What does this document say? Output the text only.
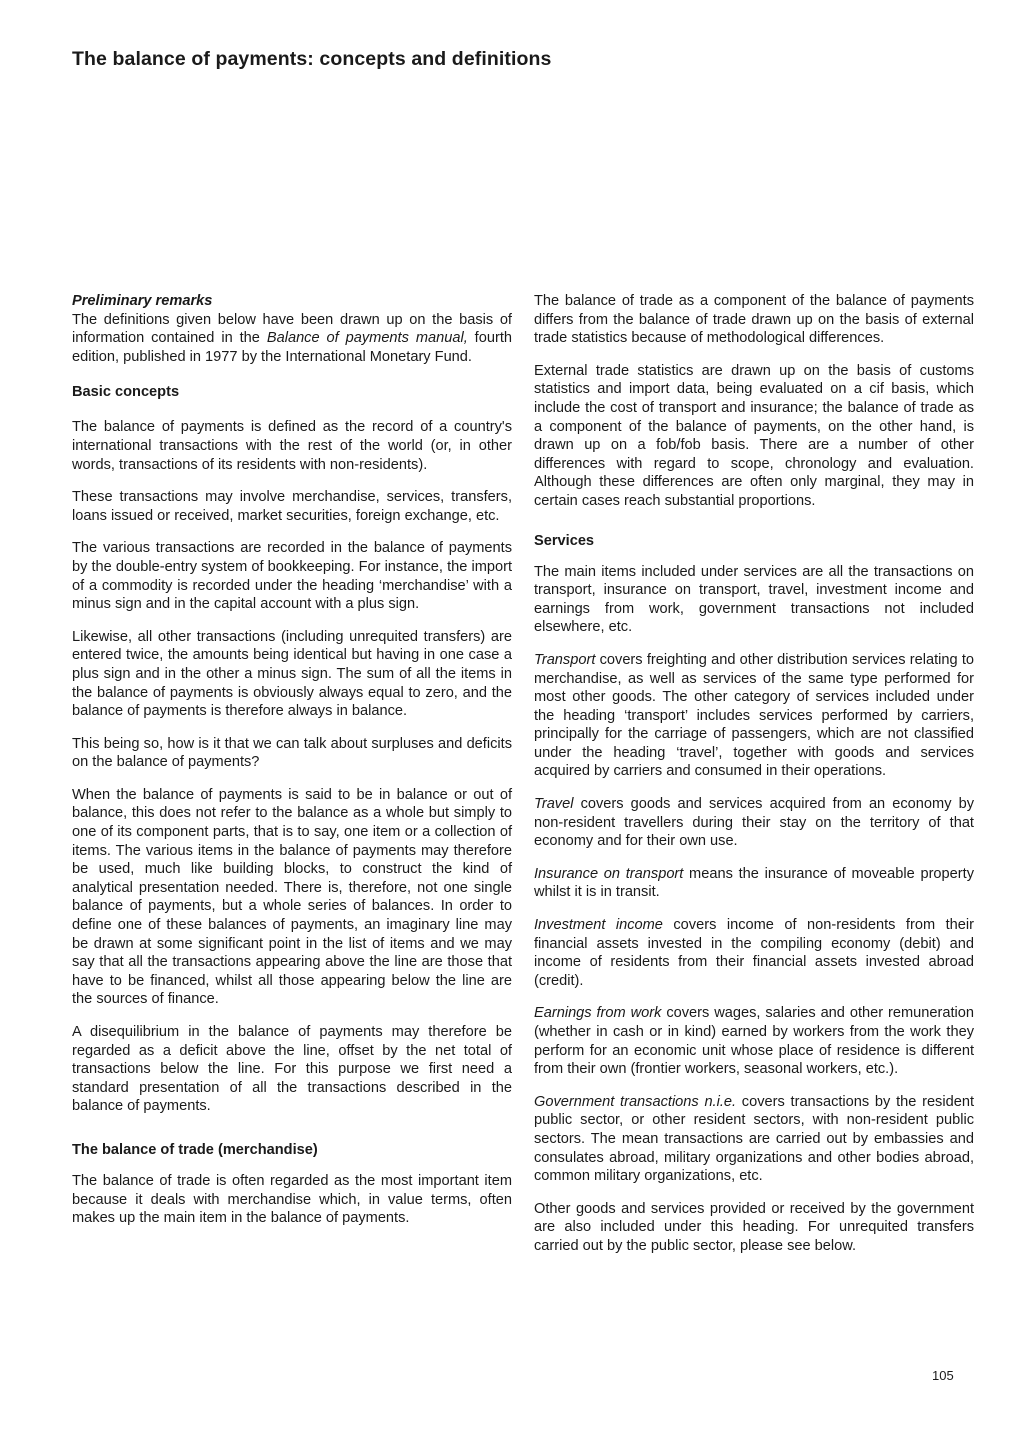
The balance of payments: concepts and definitions
Preliminary remarks

The definitions given below have been drawn up on the basis of information contained in the Balance of payments manual, fourth edition, published in 1977 by the International Monetary Fund.

Basic concepts

The balance of payments is defined as the record of a country's international transactions with the rest of the world (or, in other words, transactions of its residents with non-residents).

These transactions may involve merchandise, services, transfers, loans issued or received, market securities, foreign exchange, etc.

The various transactions are recorded in the balance of payments by the double-entry system of bookkeeping. For instance, the import of a commodity is recorded under the heading ‘merchandise’ with a minus sign and in the capital account with a plus sign.

Likewise, all other transactions (including unrequited transfers) are entered twice, the amounts being identical but having in one case a plus sign and in the other a minus sign. The sum of all the items in the balance of payments is obviously always equal to zero, and the balance of payments is therefore always in balance.

This being so, how is it that we can talk about surpluses and deficits on the balance of payments?

When the balance of payments is said to be in balance or out of balance, this does not refer to the balance as a whole but simply to one of its component parts, that is to say, one item or a collection of items. The various items in the balance of payments may therefore be used, much like building blocks, to construct the kind of analytical presentation needed. There is, therefore, not one single balance of payments, but a whole series of balances. In order to define one of these balances of payments, an imaginary line may be drawn at some significant point in the list of items and we may say that all the transactions appearing above the line are those that have to be financed, whilst all those appearing below the line are the sources of finance.

A disequilibrium in the balance of payments may therefore be regarded as a deficit above the line, offset by the net total of transactions below the line. For this purpose we first need a standard presentation of all the transactions described in the balance of payments.

The balance of trade (merchandise)

The balance of trade is often regarded as the most important item because it deals with merchandise which, in value terms, often makes up the main item in the balance of payments.

The balance of trade as a component of the balance of payments differs from the balance of trade drawn up on the basis of external trade statistics because of methodological differences.

External trade statistics are drawn up on the basis of customs statistics and import data, being evaluated on a cif basis, which include the cost of transport and insurance; the balance of trade as a component of the balance of payments, on the other hand, is drawn up on a fob/fob basis. There are a number of other differences with regard to scope, chronology and evaluation. Although these differences are often only marginal, they may in certain cases reach substantial proportions.

Services

The main items included under services are all the transactions on transport, insurance on transport, travel, investment income and earnings from work, government transactions not included elsewhere, etc.

Transport covers freighting and other distribution services relating to merchandise, as well as services of the same type performed for most other goods. The other category of services included under the heading ‘transport’ includes services performed by carriers, principally for the carriage of passengers, which are not classified under the heading ‘travel’, together with goods and services acquired by carriers and consumed in their operations.

Travel covers goods and services acquired from an economy by non-resident travellers during their stay on the territory of that economy and for their own use.

Insurance on transport means the insurance of moveable property whilst it is in transit.

Investment income covers income of non-residents from their financial assets invested in the compiling economy (debit) and income of residents from their financial assets invested abroad (credit).

Earnings from work covers wages, salaries and other remuneration (whether in cash or in kind) earned by workers from the work they perform for an economic unit whose place of residence is different from their own (frontier workers, seasonal workers, etc.).

Government transactions n.i.e. covers transactions by the resident public sector, or other resident sectors, with non-resident public sectors. The mean transactions are carried out by embassies and consulates abroad, military organizations and other bodies abroad, common military organizations, etc.

Other goods and services provided or received by the government are also included under this heading. For unrequited transfers carried out by the public sector, please see below.

105
